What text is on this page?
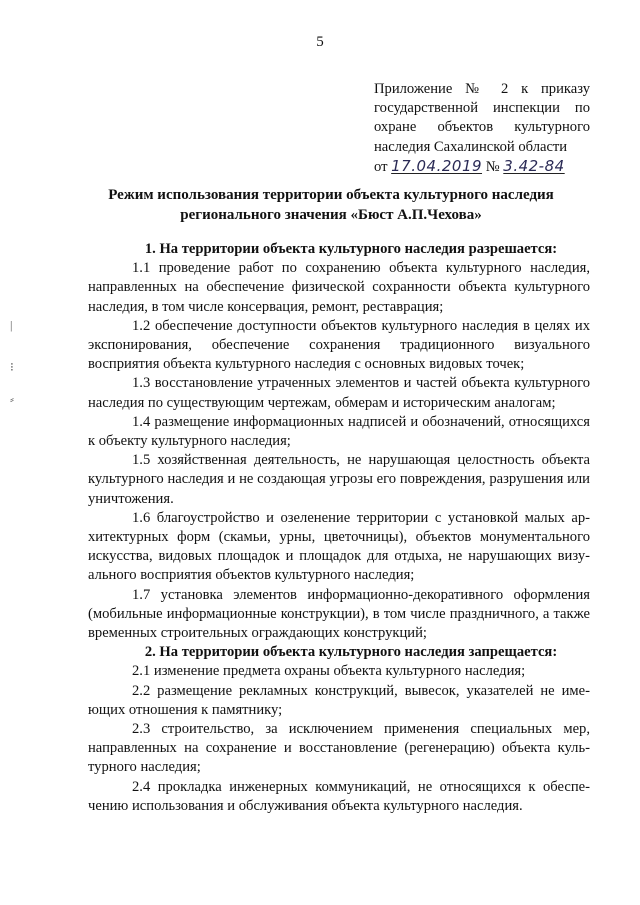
5
Приложение № 2 к приказу
государственной инспекции по
охране объектов культурного
наследия Сахалинской области
от 17.04.2019 № 3.42-84
Режим использования территории объекта культурного наследия
регионального значения «Бюст А.П.Чехова»

1. На территории объекта культурного наследия разрешается:

1.1 проведение работ по сохранению объекта культурного наследия, направленных на обеспечение физической сохранности объекта культурного наследия, в том числе консервация, ремонт, реставрация;

1.2 обеспечение доступности объектов культурного наследия в целях их экспонирования, обеспечение сохранения традиционного визуального восприятия объекта культурного наследия с основных видовых точек;

1.3 восстановление утраченных элементов и частей объекта культурного наследия по существующим чертежам, обмерам и историческим аналогам;

1.4 размещение информационных надписей и обозначений, относящихся к объекту культурного наследия;

1.5 хозяйственная деятельность, не нарушающая целостность объекта культурного наследия и не создающая угрозы его повреждения, разрушения или уничтожения.

1.6 благоустройство и озеленение территории с установкой малых архитектурных форм (скамьи, урны, цветочницы), объектов монументального искусства, видовых площадок и площадок для отдыха, не нарушающих визуального восприятия объектов культурного наследия;

1.7 установка элементов информационно-декоративного оформления (мобильные информационные конструкции), в том числе праздничного, а также временных строительных ограждающих конструкций;

2. На территории объекта культурного наследия запрещается:

2.1 изменение предмета охраны объекта культурного наследия;

2.2 размещение рекламных конструкций, вывесок, указателей не имеющих отношения к памятнику;

2.3 строительство, за исключением применения специальных мер, направленных на сохранение и восстановление (регенерацию) объекта культурного наследия;

2.4 прокладка инженерных коммуникаций, не относящихся к обеспечению использования и обслуживания объекта культурного наследия.

|
⁝
⸗
